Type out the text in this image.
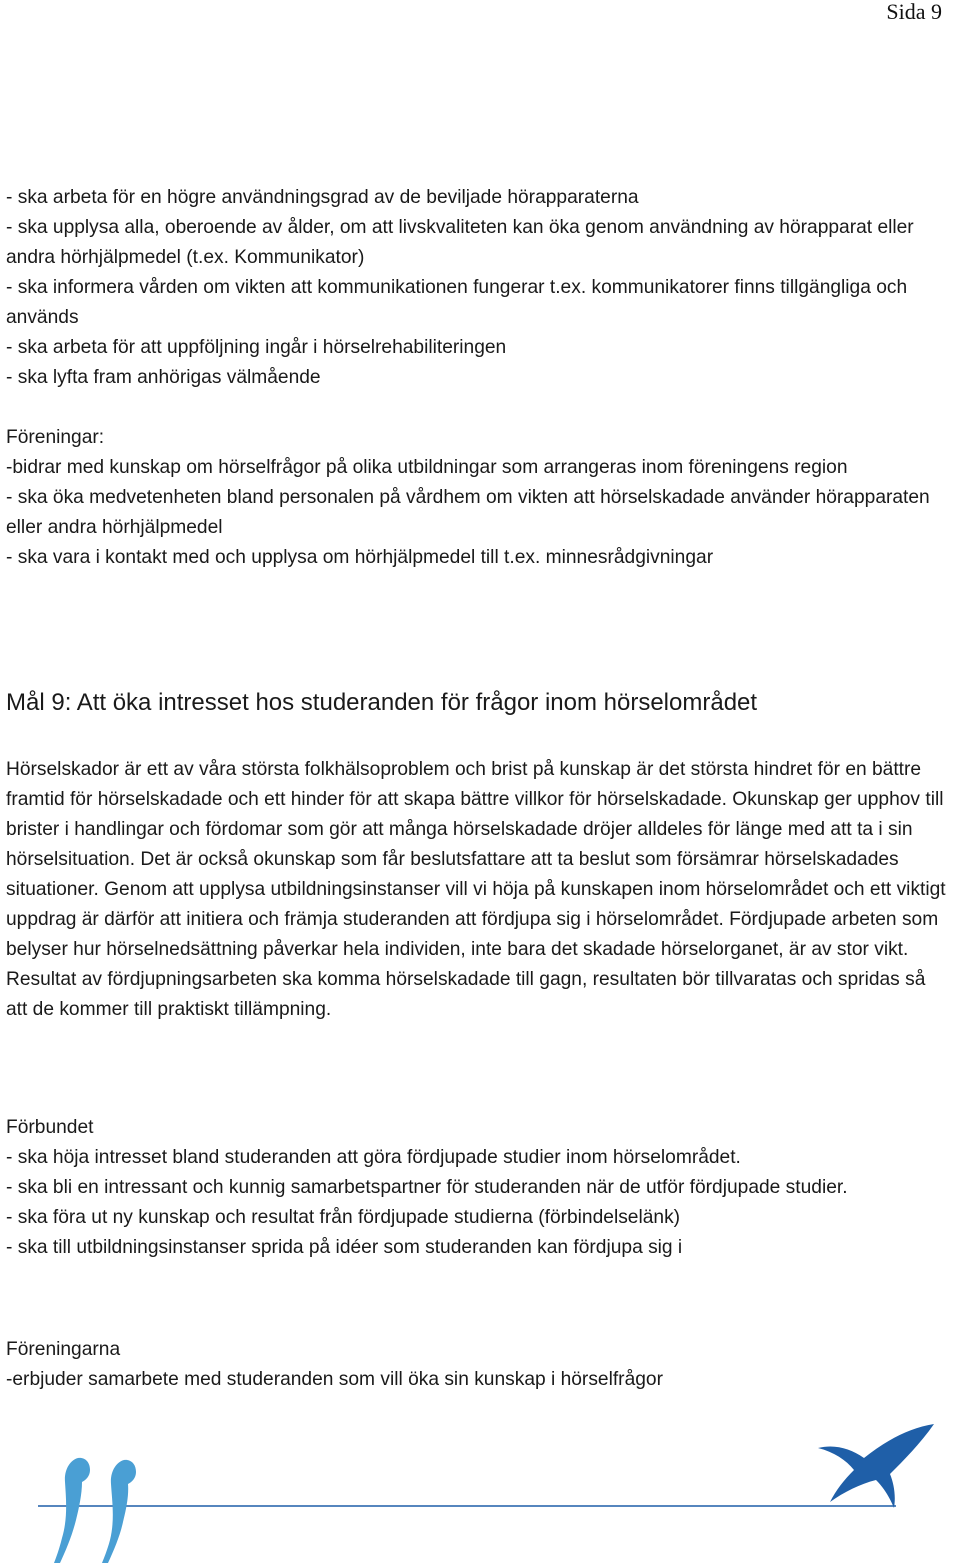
Sida 9

- ska arbeta för en högre användningsgrad av de beviljade hörapparaterna

- ska upplysa alla, oberoende av ålder, om att livskvaliteten kan öka genom användning av hörapparat eller andra hörhjälpmedel (t.ex. Kommunikator)

- ska informera vården om vikten att kommunikationen fungerar t.ex. kommunikatorer finns tillgängliga och används

- ska arbeta för att uppföljning ingår i hörselrehabiliteringen

- ska lyfta fram anhörigas välmående

Föreningar:

-bidrar med kunskap om hörselfrågor på olika utbildningar som arrangeras inom föreningens region

- ska öka medvetenheten bland personalen på vårdhem om vikten att hörselskadade använder hörapparaten eller andra hörhjälpmedel

- ska vara i kontakt med och upplysa om hörhjälpmedel till t.ex. minnesrådgivningar

Mål 9: Att öka intresset hos studeranden för frågor inom hörselområdet

Hörselskador är ett av våra största folkhälsoproblem och brist på kunskap är det största hindret för en bättre framtid för hörselskadade och ett hinder för att skapa bättre villkor för hörselskadade. Okunskap ger upphov till brister i handlingar och fördomar som gör att många hörselskadade dröjer alldeles för länge med att ta i sin hörselsituation. Det är också okunskap som får beslutsfattare att ta beslut som försämrar hörselskadades situationer. Genom att upplysa utbildningsinstanser vill vi höja på kunskapen inom hörselområdet och ett viktigt uppdrag är därför att initiera och främja studeranden att fördjupa sig i hörselområdet. Fördjupade arbeten som belyser hur hörselnedsättning påverkar hela individen, inte bara det skadade hörselorganet, är av stor vikt. Resultat av fördjupningsarbeten ska komma hörselskadade till gagn, resultaten bör tillvaratas och spridas så att de kommer till praktiskt tillämpning.

Förbundet

- ska höja intresset bland studeranden att göra fördjupade studier inom hörselområdet.

- ska bli en intressant och kunnig samarbetspartner för studeranden när de utför fördjupade studier.

- ska föra ut ny kunskap och resultat från fördjupade studierna (förbindelselänk)

- ska till utbildningsinstanser sprida på idéer som studeranden kan fördjupa sig i

Föreningarna

-erbjuder samarbete med studeranden som vill öka sin kunskap i hörselfrågor
